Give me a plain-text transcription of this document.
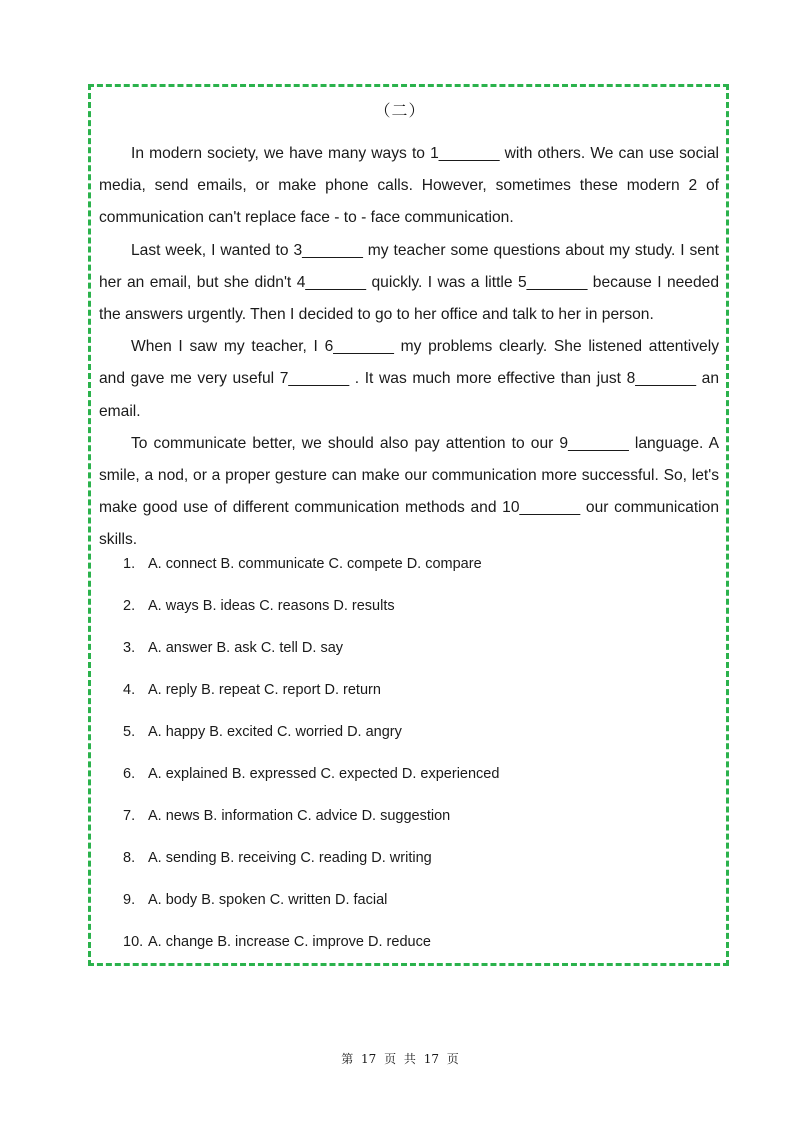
（二）

In modern society, we have many ways to 1_______ with others. We can use social media, send emails, or make phone calls. However, sometimes these modern 2 of communication can't replace face - to - face communication.

Last week, I wanted to 3_______ my teacher some questions about my study. I sent her an email, but she didn't 4_______ quickly. I was a little 5_______ because I needed the answers urgently. Then I decided to go to her office and talk to her in person.

When I saw my teacher, I 6_______ my problems clearly. She listened attentively and gave me very useful 7_______ . It was much more effective than just 8_______ an email.

To communicate better, we should also pay attention to our 9_______ language. A smile, a nod, or a proper gesture can make our communication more successful. So, let's make good use of different communication methods and 10_______ our communication skills.

1. A. connect B. communicate C. compete D. compare
2. A. ways B. ideas C. reasons D. results
3. A. answer B. ask C. tell D. say
4. A. reply B. repeat C. report D. return
5. A. happy B. excited C. worried D. angry
6. A. explained B. expressed C. expected D. experienced
7. A. news B. information C. advice D. suggestion
8. A. sending B. receiving C. reading D. writing
9. A. body B. spoken C. written D. facial
10. A. change B. increase C. improve D. reduce
第 17 页 共 17 页
